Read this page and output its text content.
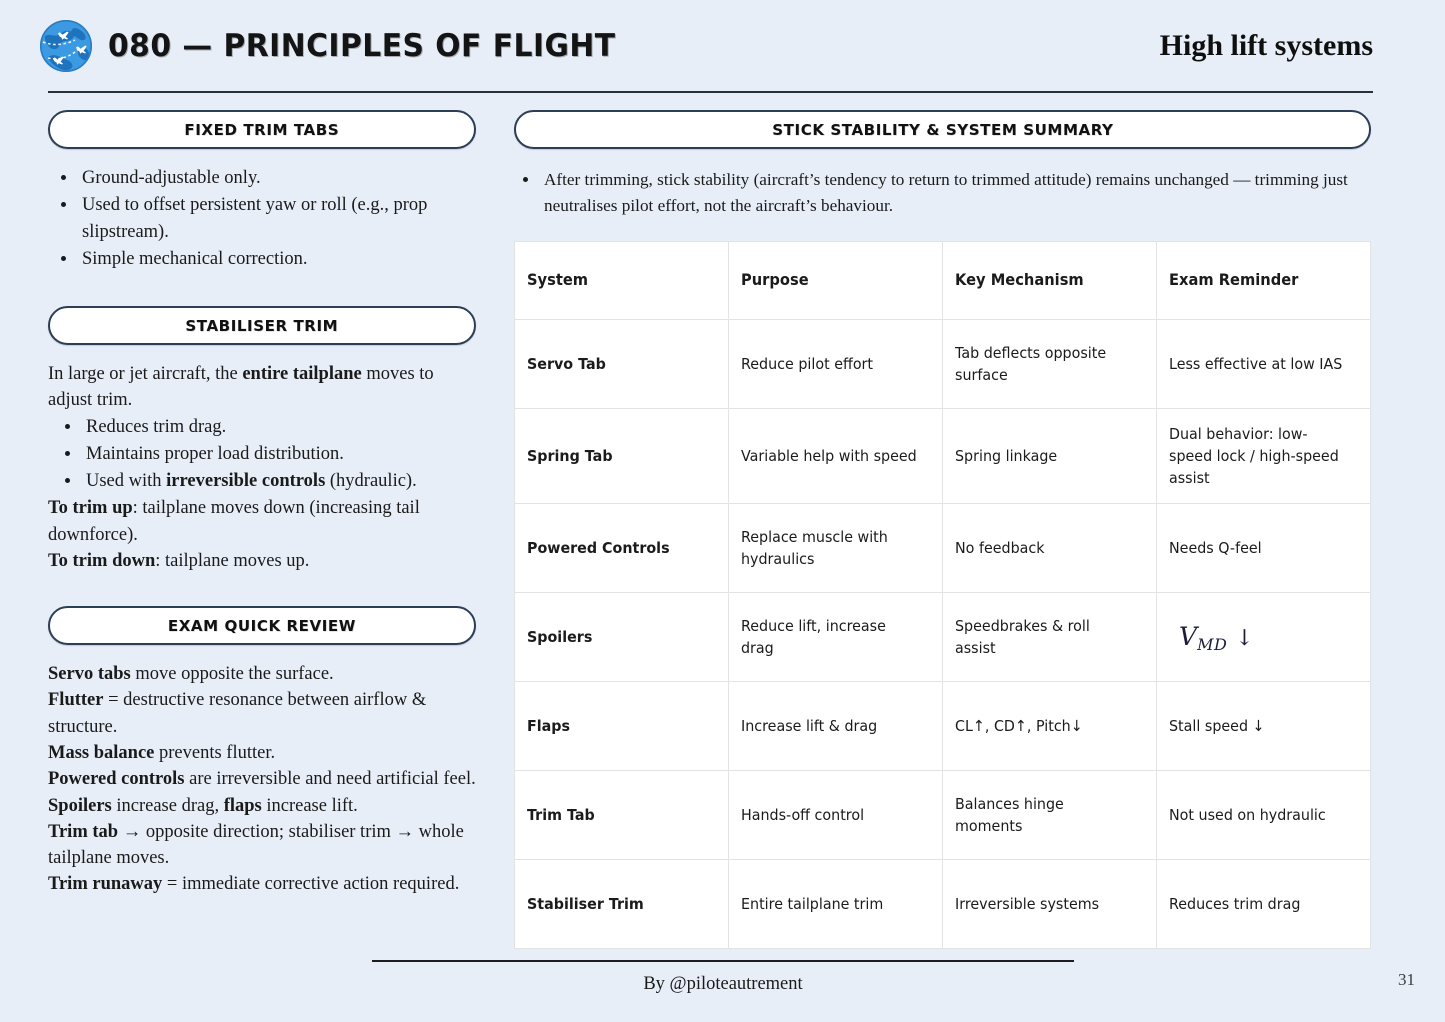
080 — PRINCIPLES OF FLIGHT	High lift systems
FIXED TRIM TABS
• Ground-adjustable only.
• Used to offset persistent yaw or roll (e.g., prop slipstream).
• Simple mechanical correction.
STABILISER TRIM

In large or jet aircraft, the entire tailplane moves to adjust trim.

• Reduces trim drag.
• Maintains proper load distribution.
• Used with irreversible controls (hydraulic).

To trim up: tailplane moves down (increasing tail downforce).

To trim down: tailplane moves up.

EXAM QUICK REVIEW

Servo tabs move opposite the surface.

Flutter = destructive resonance between airflow & structure.

Mass balance prevents flutter.

Powered controls are irreversible and need artificial feel.

Spoilers increase drag, flaps increase lift.

Trim tab → opposite direction; stabiliser trim → whole tailplane moves.

Trim runaway = immediate corrective action required.

STICK STABILITY & SYSTEM SUMMARY
• After trimming, stick stability (aircraft’s tendency to return to trimmed attitude) remains unchanged — trimming just neutralises pilot effort, not the aircraft’s behaviour.
System	Purpose	Key Mechanism	Exam Reminder

Servo Tab	Reduce pilot effort	Tab deflects opposite surface	Less effective at low IAS

Spring Tab	Variable help with speed	Spring linkage	Dual behavior: low-speed lock / high-speed assist

Powered Controls	Replace muscle with hydraulics	No feedback	Needs Q-feel

Spoilers	Reduce lift, increase drag	Speedbrakes & roll assist	$V_{MD}$ ↓

Flaps	Increase lift & drag	CL↑, CD↑, Pitch↓	Stall speed ↓

Trim Tab	Hands-off control	Balances hinge moments	Not used on hydraulic

Stabiliser Trim	Entire tailplane trim	Irreversible systems	Reduces trim drag
By @piloteautrement	31
